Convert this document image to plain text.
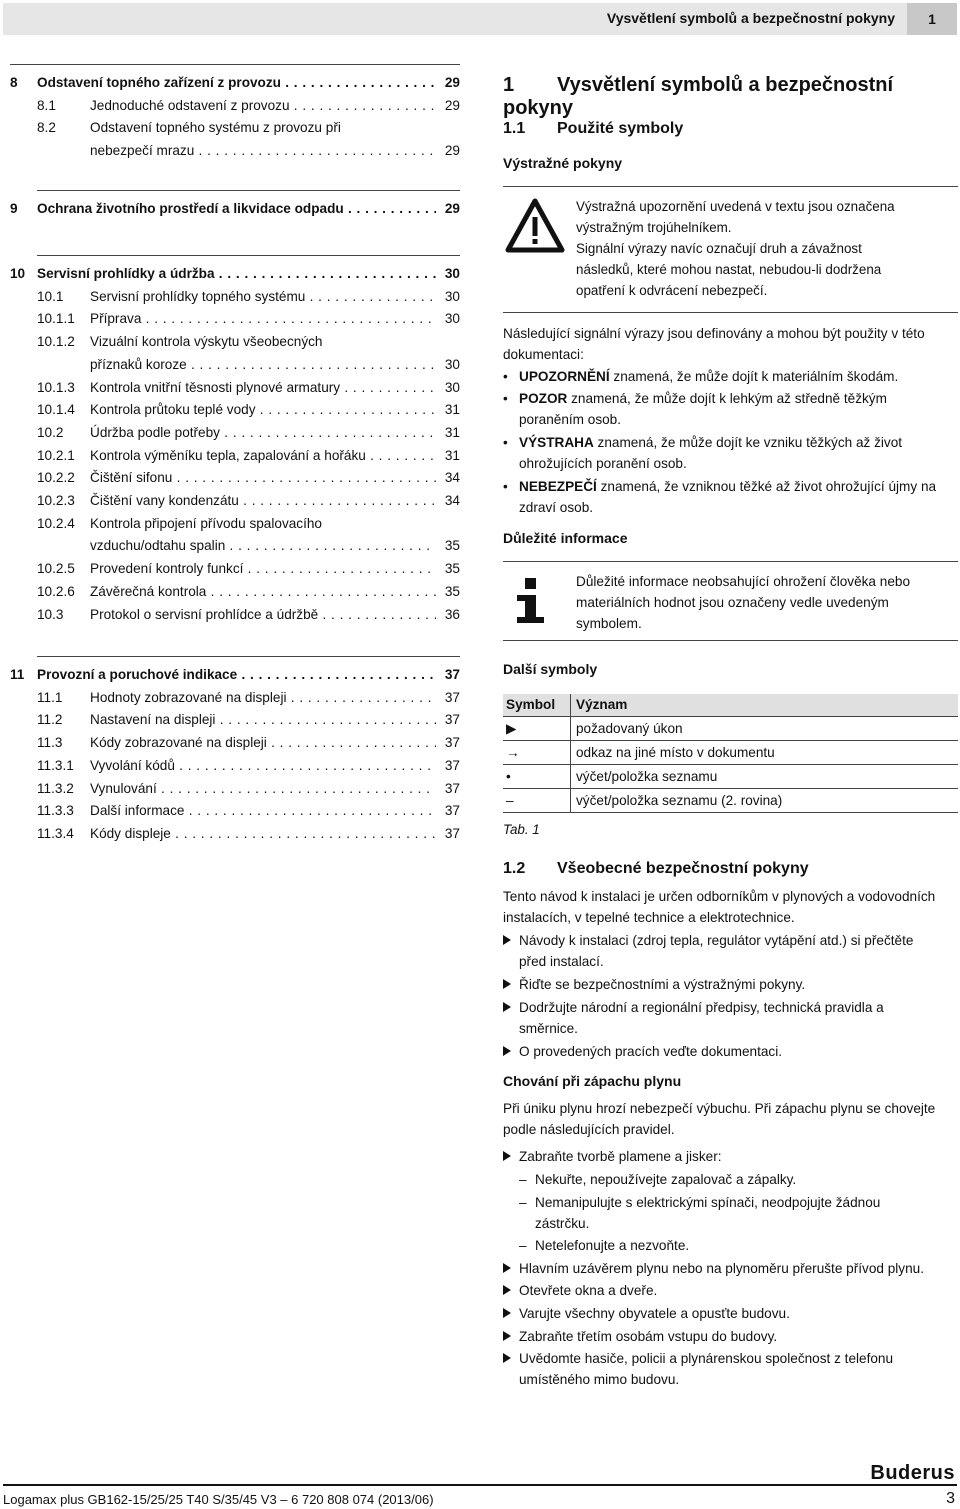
Vysvětlení symbolů a bezpečnostní pokyny	1
8 Odstavení topného zařízení z provozu . . .	29
8.1	Jednoduché odstavení z provozu . . .	29
8.2	Odstavení topného systému z provozu při
nebezpečí mrazu . . .	29
9 Ochrana životního prostředí a likvidace odpadu . . .	29
10 Servisní prohlídky a údržba . . .	30
10.1 Servisní prohlídky topného systému . . .	30
10.1.1 Příprava . . .	30
10.1.2 Vizuální kontrola výskytu všeobecných
příznaků koroze . . .	30
10.1.3 Kontrola vnitřní těsnosti plynové armatury . . .	30
10.1.4 Kontrola průtoku teplé vody . . .	31
10.2 Údržba podle potřeby . . .	31
10.2.1 Kontrola výměníku tepla, zapalování a hořáku . . .	31
10.2.2 Čištění sifonu . . .	34
10.2.3 Čištění vany kondenzátu . . .	34
10.2.4 Kontrola připojení přívodu spalovacího
vzduchu/odtahu spalin . . .	35
10.2.5 Provedení kontroly funkcí . . .	35
10.2.6 Závěrečná kontrola . . .	35
10.3 Protokol o servisní prohlídce a údržbě . . .	36
11 Provozní a poruchové indikace . . .	37
11.1 Hodnoty zobrazované na displeji . . .	37
11.2 Nastavení na displeji . . .	37
11.3 Kódy zobrazované na displeji . . .	37
11.3.1 Vyvolání kódů . . .	37
11.3.2 Vynulování . . .	37
11.3.3 Další informace . . .	37
11.3.4 Kódy displeje . . .	37
1 Vysvětlení symbolů a bezpečnostní pokyny
1.1 Použité symboly
Výstražné pokyny
Výstražná upozornění uvedená v textu jsou označena
výstražným trojúhelníkem.
Signální výrazy navíc označují druh a závažnost
následků, které mohou nastat, nebudou-li dodržena
opatření k odvrácení nebezpečí.
Následující signální výrazy jsou definovány a mohou být použity v této
dokumentaci:
• UPOZORNĚNÍ znamená, že může dojít k materiálním škodám.
• POZOR znamená, že může dojít k lehkým až středně těžkým
poraněním osob.
• VÝSTRAHA znamená, že může dojít ke vzniku těžkých až život
ohrožujících poranění osob.
• NEBEZPEČÍ znamená, že vzniknou těžké až život ohrožující újmy na
zdraví osob.
Důležité informace
Důležité informace neobsahující ohrožení člověka nebo
materiálních hodnot jsou označeny vedle uvedeným
symbolem.
Další symboly
Symbol Význam
▶	požadovaný úkon
→	odkaz na jiné místo v dokumentu
•	výčet/položka seznamu
–	výčet/položka seznamu (2. rovina)
Tab. 1
1.2 Všeobecné bezpečnostní pokyny
Tento návod k instalaci je určen odborníkům v plynových a vodovodních
instalacích, v tepelné technice a elektrotechnice.
Návody k instalaci (zdroj tepla, regulátor vytápění atd.) si přečtěte
před instalací.
Řiďte se bezpečnostními a výstražnými pokyny.
Dodržujte národní a regionální předpisy, technická pravidla a
směrnice.
O provedených pracích veďte dokumentaci.
Chování při zápachu plynu
Při úniku plynu hrozí nebezpečí výbuchu. Při zápachu plynu se chovejte
podle následujících pravidel.
Zabraňte tvorbě plamene a jisker:
– Nekuřte, nepoužívejte zapalovač a zápalky.
– Nemanipulujte s elektrickými spínači, neodpojujte žádnou
zástrčku.
– Netelefonujte a nezvoňte.
Hlavním uzávěrem plynu nebo na plynoměru přerušte přívod plynu.
Otevřete okna a dveře.
Varujte všechny obyvatele a opusťte budovu.
Zabraňte třetím osobám vstupu do budovy.
Uvědomte hasiče, policii a plynárenskou společnost z telefonu
umístěného mimo budovu.
Buderus
Logamax plus GB162-15/25/25 T40 S/35/45 V3 – 6 720 808 074 (2013/06)	3
